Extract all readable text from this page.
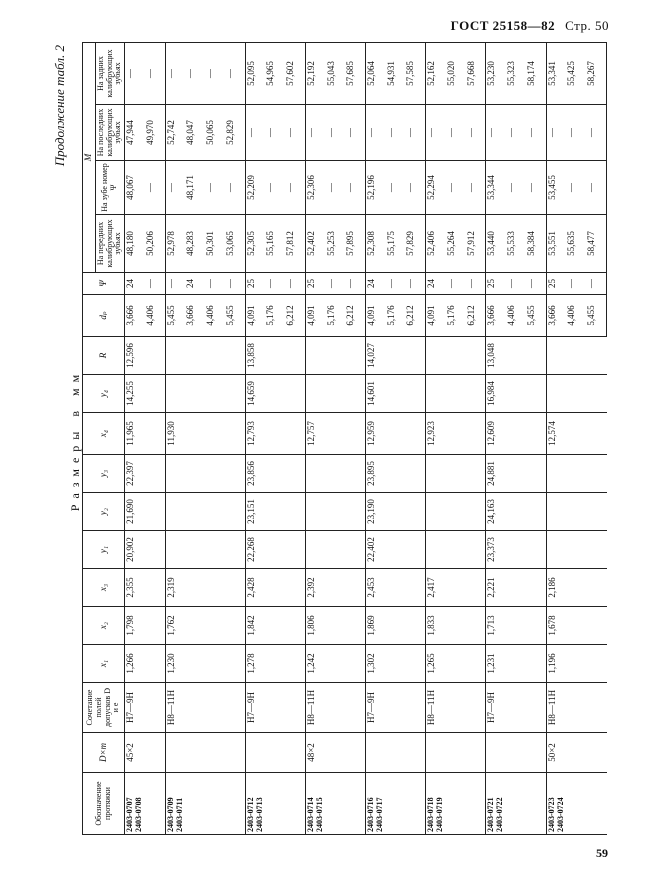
ГОСТ 25158—82 Стр. 50
Продолжение табл. 2
Размеры в мм
Обозначение протяжки	D×m	Сочетание полей допусков D и e	x₁	x₂	x₃	y₁	y₂	y₃	x₄	y₄	R	dₚ	Ψ	M			
														На передних калибрующих зубьях	На зубе номер Ψ	На последних калибрующих зубьях	На задних калибрующих зубьях

2403-0707 2403-0708	45×2	H7—9H	1,266	1,798	2,355	20,902	21,690	22,397	11,965	14,255	12,596	3,666	24	48,180	48,067	47,944	—
												4,406	—	50,206	—	49,970	—

2403-0709 2403-0711		H8—11H	1,230	1,762	2,319				11,930			5,455	—	52,978	—	52,742	—
												3,666	24	48,283	48,171	48,047	—
												4,406	—	50,301	—	50,065	—
												5,455	—	53,065	—	52,829	—

2403-0712 2403-0713		H7—9H	1,278	1,842	2,428	22,268	23,151	23,856	12,793	14,659	13,858	4,091	25	52,305	52,209	—	52,095
												5,176	—	55,165	—	—	54,965
												6,212	—	57,812	—	—	57,602

2403-0714 2403-0715	48×2	H8—11H	1,242	1,806	2,392				12,757			4,091	25	52,402	52,306	—	52,192
												5,176	—	55,253	—	—	55,043
												6,212	—	57,895	—	—	57,685

2403-0716 2403-0717		H7—9H	1,302	1,869	2,453	22,402	23,190	23,895	12,959	14,601	14,027	4,091	24	52,308	52,196	—	52,064
												5,176	—	55,175	—	—	54,931
												6,212	—	57,829	—	—	57,585

2403-0718 2403-0719		H8—11H	1,265	1,833	2,417				12,923			4,091	24	52,406	52,294	—	52,162
												5,176	—	55,264	—	—	55,020
												6,212	—	57,912	—	—	57,668

2403-0721 2403-0722		H7—9H	1,231	1,713	2,221	23,373	24,163	24,881	12,609	16,984	13,048	3,666	25	53,440	53,344	—	53,230
												4,406	—	55,533	—	—	55,323
												5,455	—	58,384	—	—	58,174

2403-0723 2403-0724	50×2	H8—11H	1,196	1,678	2,186				12,574			3,666	25	53,551	53,455	—	53,341
												4,406	—	55,635	—	—	55,425
												5,455	—	58,477	—	—	58,267
59
